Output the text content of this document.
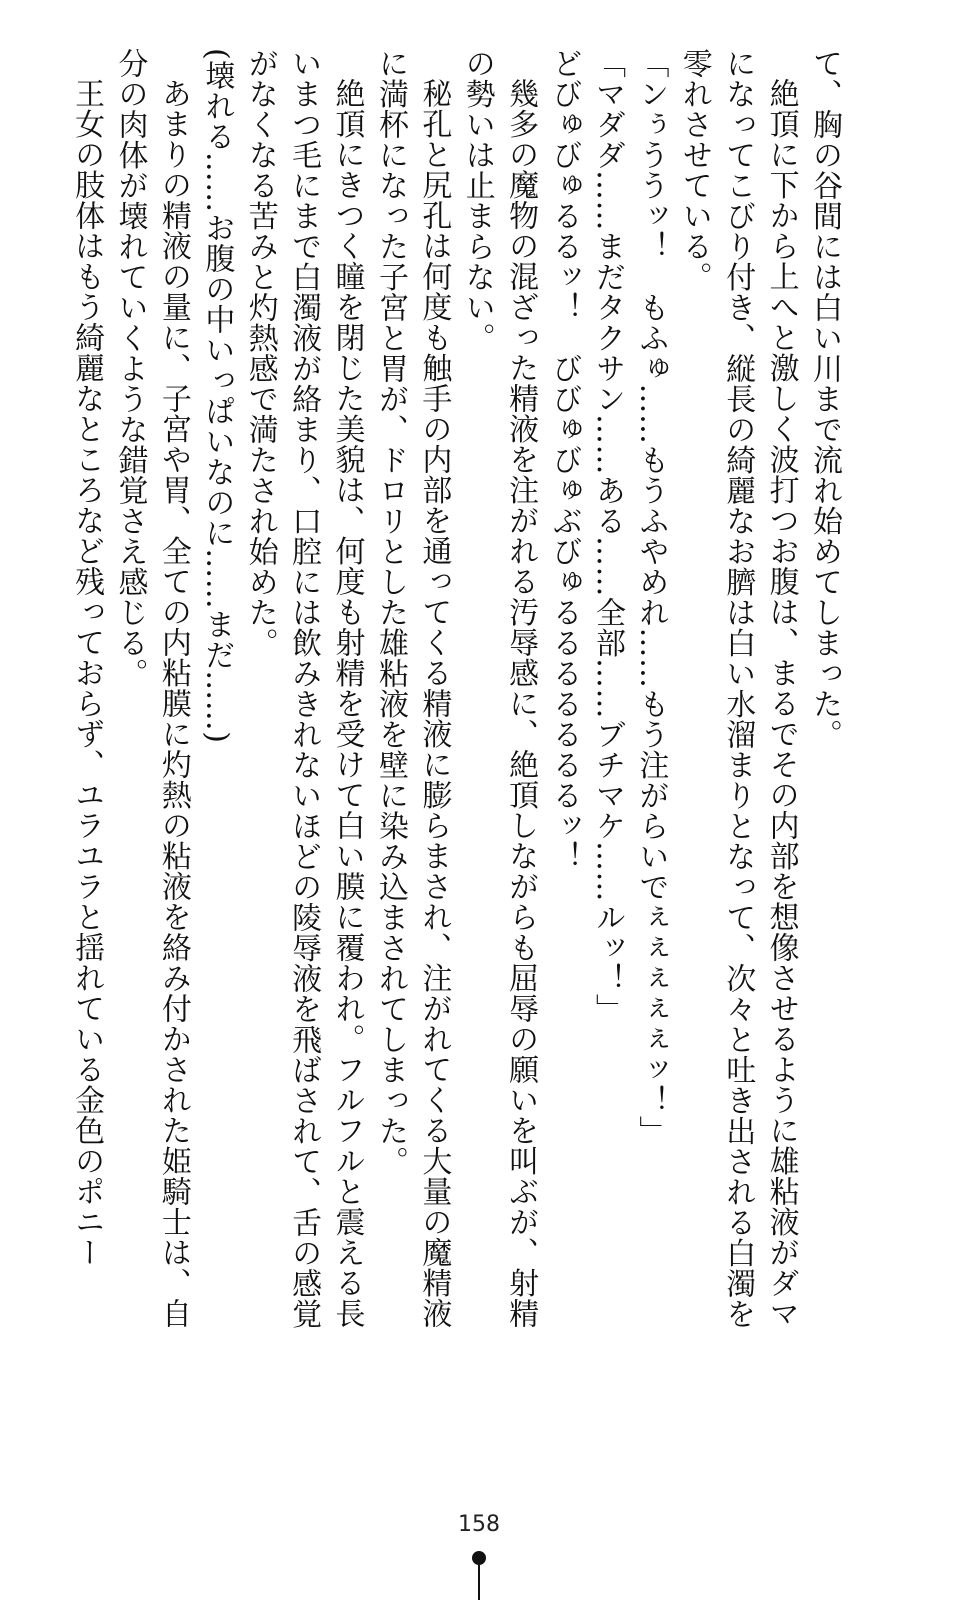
て、胸の谷間には白い川まで流れ始めてしまった。

絶頂に下から上へと激しく波打つお腹は、まるでその内部を想像させるように雄粘液がダマになってこびり付き、縦長の綺麗なお臍は白い水溜まりとなって、次々と吐き出される白濁を零れさせている。

「ンぅううッ！　もふゅ……もうふやめれ……もう注がらいでぇぇぇぇぇッ！」

「マダダ……まだタクサン……ある……全部……ブチマケ……ルッ！」

どびゅびゅるるッ！　びびゅびゅぶびゅるるるるるるるッ！

幾多の魔物の混ざった精液を注がれる汚辱感に、絶頂しながらも屈辱の願いを叫ぶが、射精の勢いは止まらない。

秘孔と尻孔は何度も触手の内部を通ってくる精液に膨らまされ、注がれてくる大量の魔精液に満杯になった子宮と胃が、ドロリとした雄粘液を壁に染み込まされてしまった。

絶頂にきつく瞳を閉じた美貌は、何度も射精を受けて白い膜に覆われ。フルフルと震える長いまつ毛にまで白濁液が絡まり、口腔には飲みきれないほどの陵辱液を飛ばされて、舌の感覚がなくなる苦みと灼熱感で満たされ始めた。

(壊れる……お腹の中いっぱいなのに……まだ……)

あまりの精液の量に、子宮や胃、全ての内粘膜に灼熱の粘液を絡み付かされた姫騎士は、自分の肉体が壊れていくような錯覚さえ感じる。

王女の肢体はもう綺麗なところなど残っておらず、ユラユラと揺れている金色のポニー

158
